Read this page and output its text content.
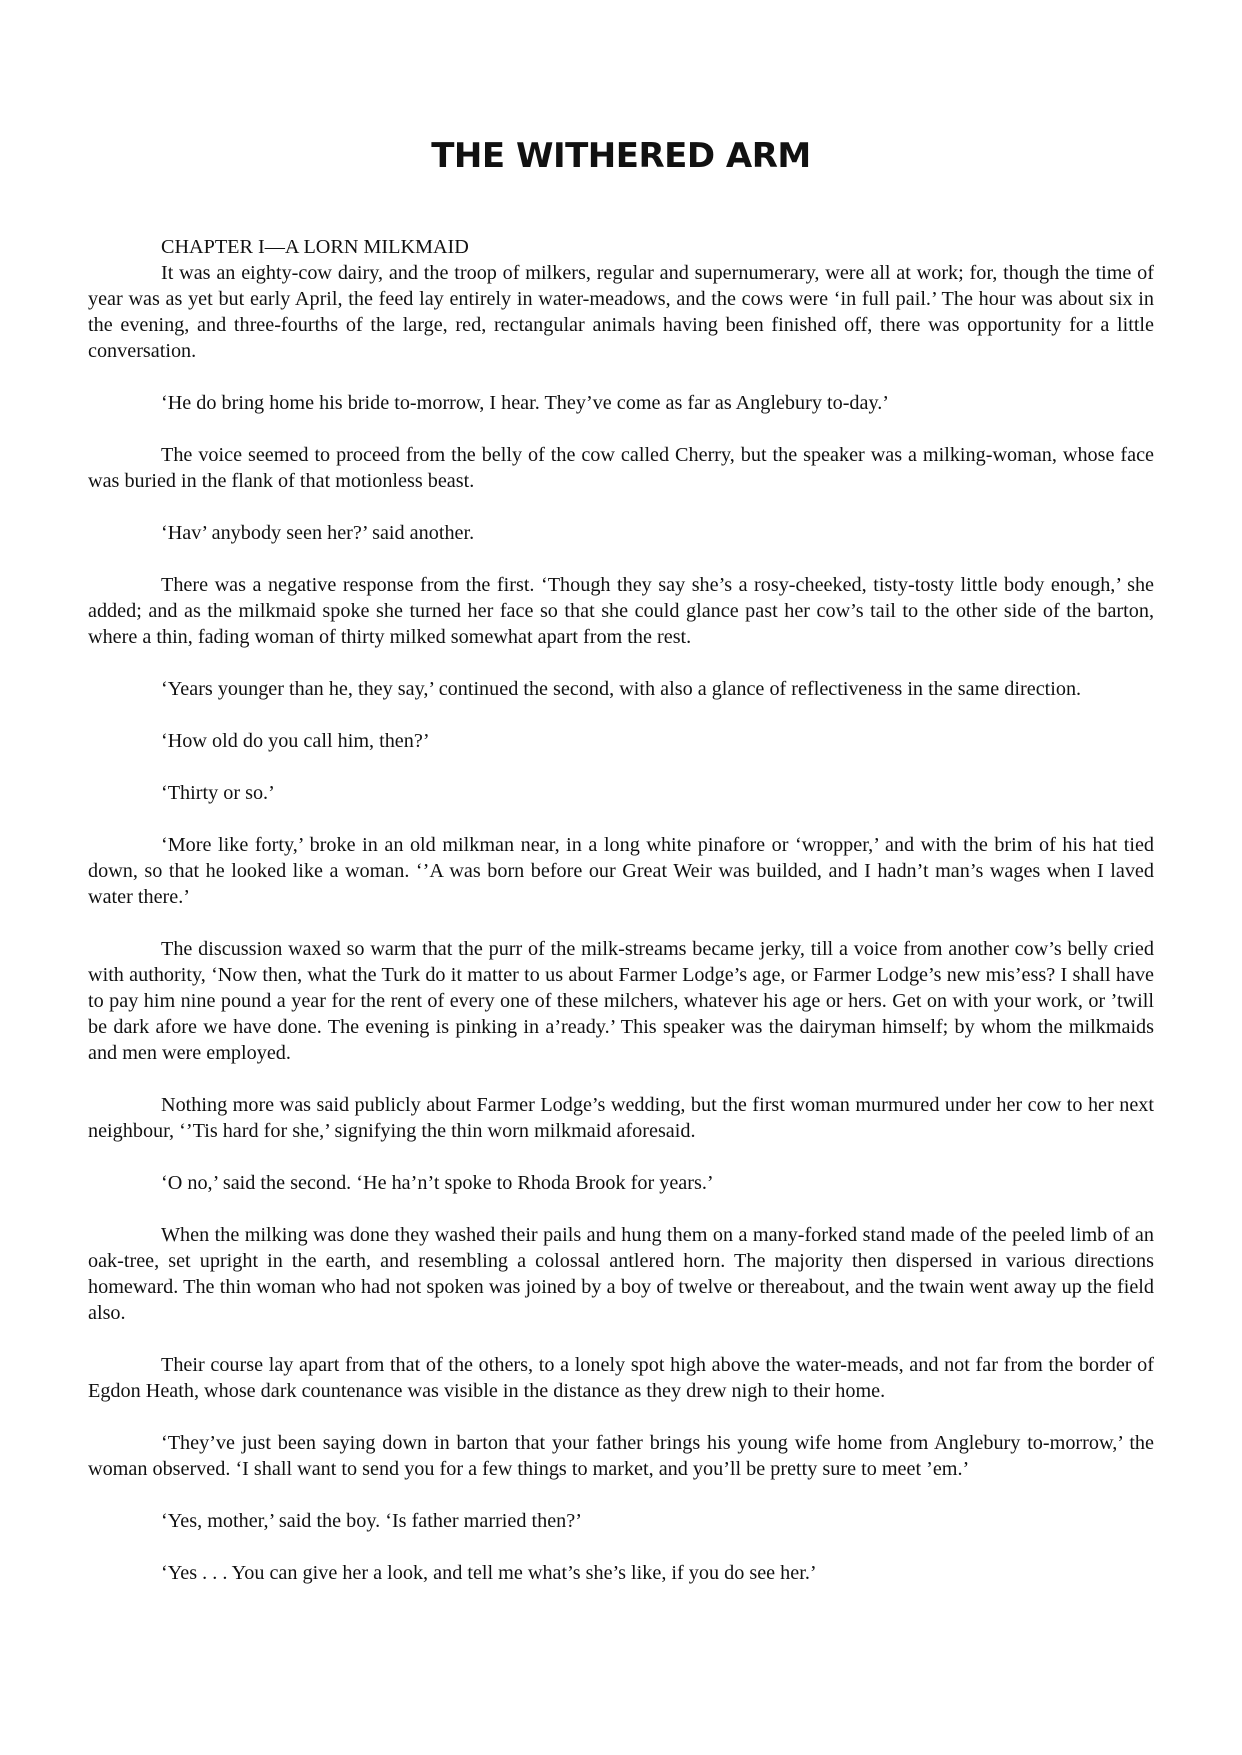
THE WITHERED ARM

CHAPTER I—A LORN MILKMAID

It was an eighty-cow dairy, and the troop of milkers, regular and supernumerary, were all at work; for, though the time of year was as yet but early April, the feed lay entirely in water-meadows, and the cows were ‘in full pail.’ The hour was about six in the evening, and three-fourths of the large, red, rectangular animals having been finished off, there was opportunity for a little conversation.

‘He do bring home his bride to-morrow, I hear. They’ve come as far as Anglebury to-day.’

The voice seemed to proceed from the belly of the cow called Cherry, but the speaker was a milking-woman, whose face was buried in the flank of that motionless beast.

‘Hav’ anybody seen her?’ said another.

There was a negative response from the first. ‘Though they say she’s a rosy-cheeked, tisty-tosty little body enough,’ she added; and as the milkmaid spoke she turned her face so that she could glance past her cow’s tail to the other side of the barton, where a thin, fading woman of thirty milked somewhat apart from the rest.

‘Years younger than he, they say,’ continued the second, with also a glance of reflectiveness in the same direction.

‘How old do you call him, then?’

‘Thirty or so.’

‘More like forty,’ broke in an old milkman near, in a long white pinafore or ‘wropper,’ and with the brim of his hat tied down, so that he looked like a woman. ‘’A was born before our Great Weir was builded, and I hadn’t man’s wages when I laved water there.’

The discussion waxed so warm that the purr of the milk-streams became jerky, till a voice from another cow’s belly cried with authority, ‘Now then, what the Turk do it matter to us about Farmer Lodge’s age, or Farmer Lodge’s new mis’ess? I shall have to pay him nine pound a year for the rent of every one of these milchers, whatever his age or hers. Get on with your work, or ’twill be dark afore we have done. The evening is pinking in a’ready.’ This speaker was the dairyman himself; by whom the milkmaids and men were employed.

Nothing more was said publicly about Farmer Lodge’s wedding, but the first woman murmured under her cow to her next neighbour, ‘’Tis hard for she,’ signifying the thin worn milkmaid aforesaid.

‘O no,’ said the second. ‘He ha’n’t spoke to Rhoda Brook for years.’

When the milking was done they washed their pails and hung them on a many-forked stand made of the peeled limb of an oak-tree, set upright in the earth, and resembling a colossal antlered horn. The majority then dispersed in various directions homeward. The thin woman who had not spoken was joined by a boy of twelve or thereabout, and the twain went away up the field also.

Their course lay apart from that of the others, to a lonely spot high above the water-meads, and not far from the border of Egdon Heath, whose dark countenance was visible in the distance as they drew nigh to their home.

‘They’ve just been saying down in barton that your father brings his young wife home from Anglebury to-morrow,’ the woman observed. ‘I shall want to send you for a few things to market, and you’ll be pretty sure to meet ’em.’

‘Yes, mother,’ said the boy. ‘Is father married then?’

‘Yes . . . You can give her a look, and tell me what’s she’s like, if you do see her.’
